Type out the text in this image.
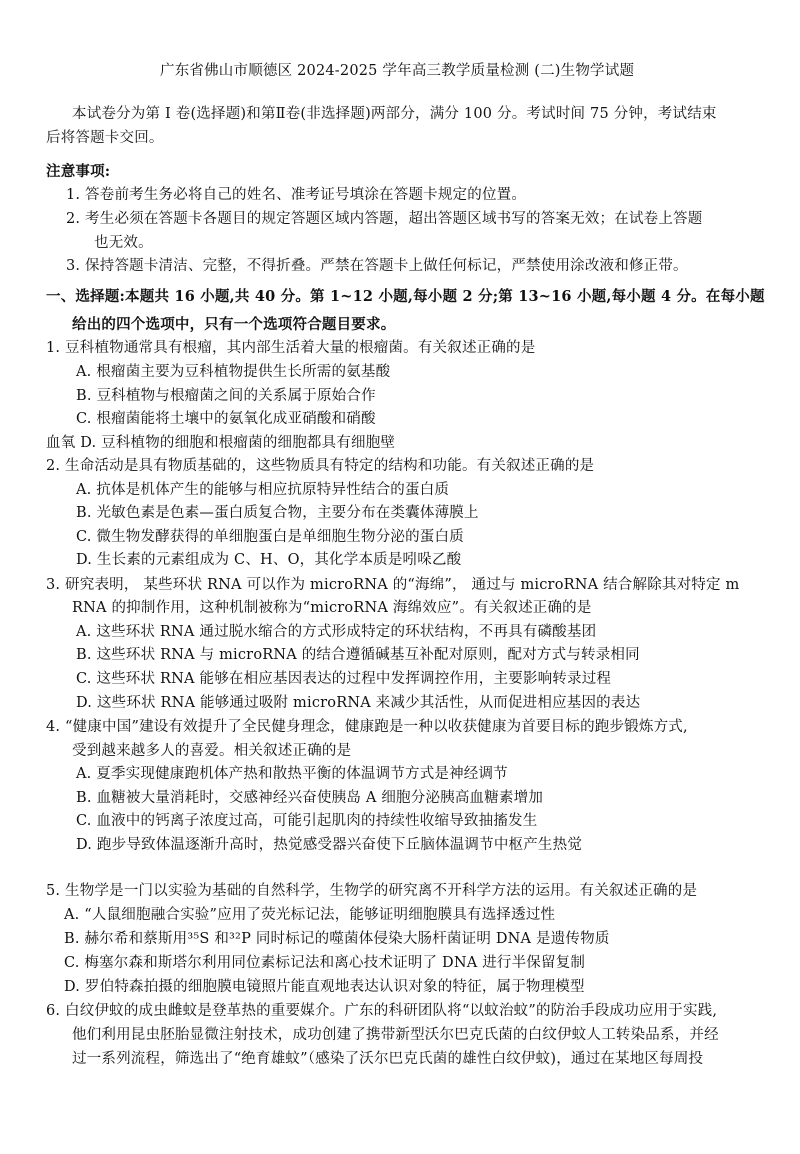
广东省佛山市顺德区 2024-2025 学年高三教学质量检测 (二)生物学试题
本试卷分为第 I 卷(选择题)和第Ⅱ卷(非选择题)两部分，满分 100 分。考试时间 75 分钟，考试结束
后将答题卡交回。
注意事项:
1. 答卷前考生务必将自己的姓名、准考证号填涂在答题卡规定的位置。
2. 考生必须在答题卡各题目的规定答题区域内答题，超出答题区域书写的答案无效；在试卷上答题
也无效。
3. 保持答题卡清洁、完整，不得折叠。严禁在答题卡上做任何标记，严禁使用涂改液和修正带。
一、选择题:本题共 16 小题,共 40 分。第 1~12 小题,每小题 2 分;第 13~16 小题,每小题 4 分。在每小题
给出的四个选项中，只有一个选项符合题目要求。
1. 豆科植物通常具有根瘤，其内部生活着大量的根瘤菌。有关叙述正确的是
A. 根瘤菌主要为豆科植物提供生长所需的氨基酸
B. 豆科植物与根瘤菌之间的关系属于原始合作
C. 根瘤菌能将土壤中的氨氧化成亚硝酸和硝酸
血氧 D. 豆科植物的细胞和根瘤菌的细胞都具有细胞壁
2. 生命活动是具有物质基础的，这些物质具有特定的结构和功能。有关叙述正确的是
A. 抗体是机体产生的能够与相应抗原特异性结合的蛋白质
B. 光敏色素是色素—蛋白质复合物，主要分布在类囊体薄膜上
C. 微生物发酵获得的单细胞蛋白是单细胞生物分泌的蛋白质
D. 生长素的元素组成为 C、H、O，其化学本质是吲哚乙酸
3. 研究表明， 某些环状 RNA 可以作为 microRNA 的“海绵”， 通过与 microRNA 结合解除其对特定 m
RNA 的抑制作用，这种机制被称为“microRNA 海绵效应”。有关叙述正确的是
A. 这些环状 RNA 通过脱水缩合的方式形成特定的环状结构，不再具有磷酸基团
B. 这些环状 RNA 与 microRNA 的结合遵循碱基互补配对原则，配对方式与转录相同
C. 这些环状 RNA 能够在相应基因表达的过程中发挥调控作用，主要影响转录过程
D. 这些环状 RNA 能够通过吸附 microRNA 来减少其活性，从而促进相应基因的表达
4. “健康中国”建设有效提升了全民健身理念，健康跑是一种以收获健康为首要目标的跑步锻炼方式,
受到越来越多人的喜爱。相关叙述正确的是
A. 夏季实现健康跑机体产热和散热平衡的体温调节方式是神经调节
B. 血糖被大量消耗时，交感神经兴奋使胰岛 A 细胞分泌胰高血糖素增加
C. 血液中的钙离子浓度过高，可能引起肌肉的持续性收缩导致抽搐发生
D. 跑步导致体温逐渐升高时，热觉感受器兴奋使下丘脑体温调节中枢产生热觉
5. 生物学是一门以实验为基础的自然科学，生物学的研究离不开科学方法的运用。有关叙述正确的是
A. “人鼠细胞融合实验”应用了荧光标记法，能够证明细胞膜具有选择透过性
B. 赫尔希和蔡斯用³⁵S 和³²P 同时标记的噬菌体侵染大肠杆菌证明 DNA 是遗传物质
C. 梅塞尔森和斯塔尔利用同位素标记法和离心技术证明了 DNA 进行半保留复制
D. 罗伯特森拍摄的细胞膜电镜照片能直观地表达认识对象的特征，属于物理模型
6. 白纹伊蚊的成虫雌蚊是登革热的重要媒介。广东的科研团队将“以蚊治蚊”的防治手段成功应用于实践,
他们利用昆虫胚胎显微注射技术，成功创建了携带新型沃尔巴克氏菌的白纹伊蚊人工转染品系，并经
过一系列流程，筛选出了“绝育雄蚊”（感染了沃尔巴克氏菌的雄性白纹伊蚊)，通过在某地区每周投
